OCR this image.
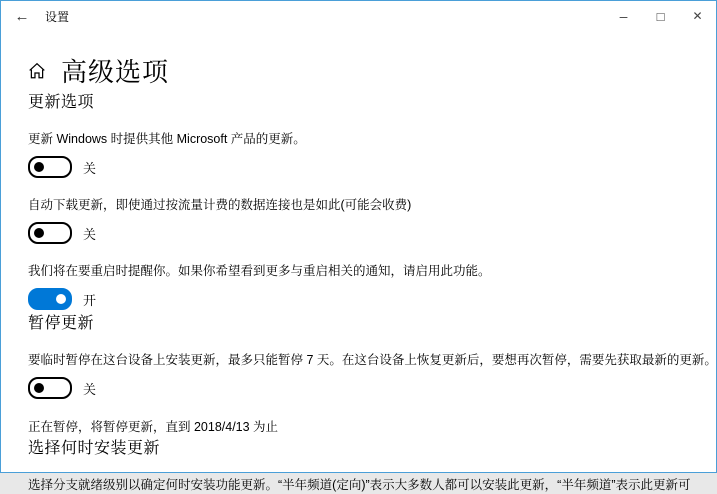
← 设置	– □ ✕
高级选项
更新选项
更新 Windows 时提供其他 Microsoft 产品的更新。
关
自动下载更新，即使通过按流量计费的数据连接也是如此(可能会收费)
关
我们将在要重启时提醒你。如果你希望看到更多与重启相关的通知，请启用此功能。
开
暂停更新
要临时暂停在这台设备上安装更新，最多只能暂停 7 天。在这台设备上恢复更新后，要想再次暂停，需要先获取最新的更新。
关
正在暂停，将暂停更新，直到 2018/4/13 为止
选择何时安装更新
选择分支就绪级别以确定何时安装功能更新。“半年频道(定向)”表示大多数人都可以安装此更新，“半年频道”表示此更新可
